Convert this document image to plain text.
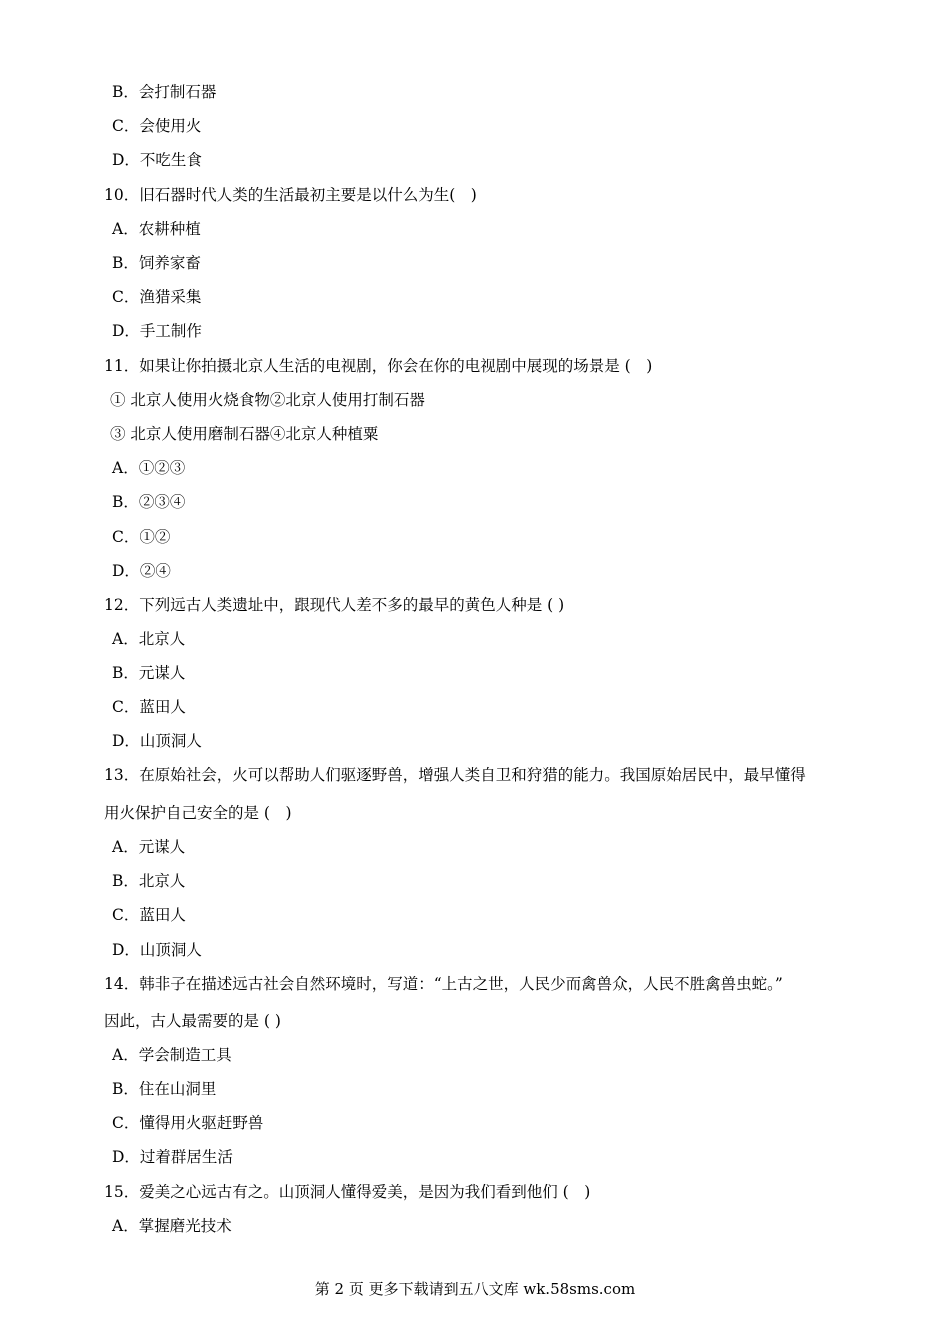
B．会打制石器
C．会使用火
D．不吃生食
10．旧石器时代人类的生活最初主要是以什么为生(　)
A．农耕种植
B．饲养家畜
C．渔猎采集
D．手工制作
11．如果让你拍摄北京人生活的电视剧，你会在你的电视剧中展现的场景是 (　)
① 北京人使用火烧食物②北京人使用打制石器
③ 北京人使用磨制石器④北京人种植粟
A．①②③
B．②③④
C．①②
D．②④
12．下列远古人类遗址中，跟现代人差不多的最早的黄色人种是 ( )
A．北京人
B．元谋人
C．蓝田人
D．山顶洞人
13．在原始社会，火可以帮助人们驱逐野兽，增强人类自卫和狩猎的能力。我国原始居民中，最早懂得
用火保护自己安全的是 (　)
A．元谋人
B．北京人
C．蓝田人
D．山顶洞人
14．韩非子在描述远古社会自然环境时，写道：“上古之世，人民少而禽兽众，人民不胜禽兽虫蛇。”
因此，古人最需要的是 ( )
A．学会制造工具
B．住在山洞里
C．懂得用火驱赶野兽
D．过着群居生活
15．爱美之心远古有之。山顶洞人懂得爱美，是因为我们看到他们 (　)
A．掌握磨光技术
第 2 页 更多下载请到五八文库 wk.58sms.com
